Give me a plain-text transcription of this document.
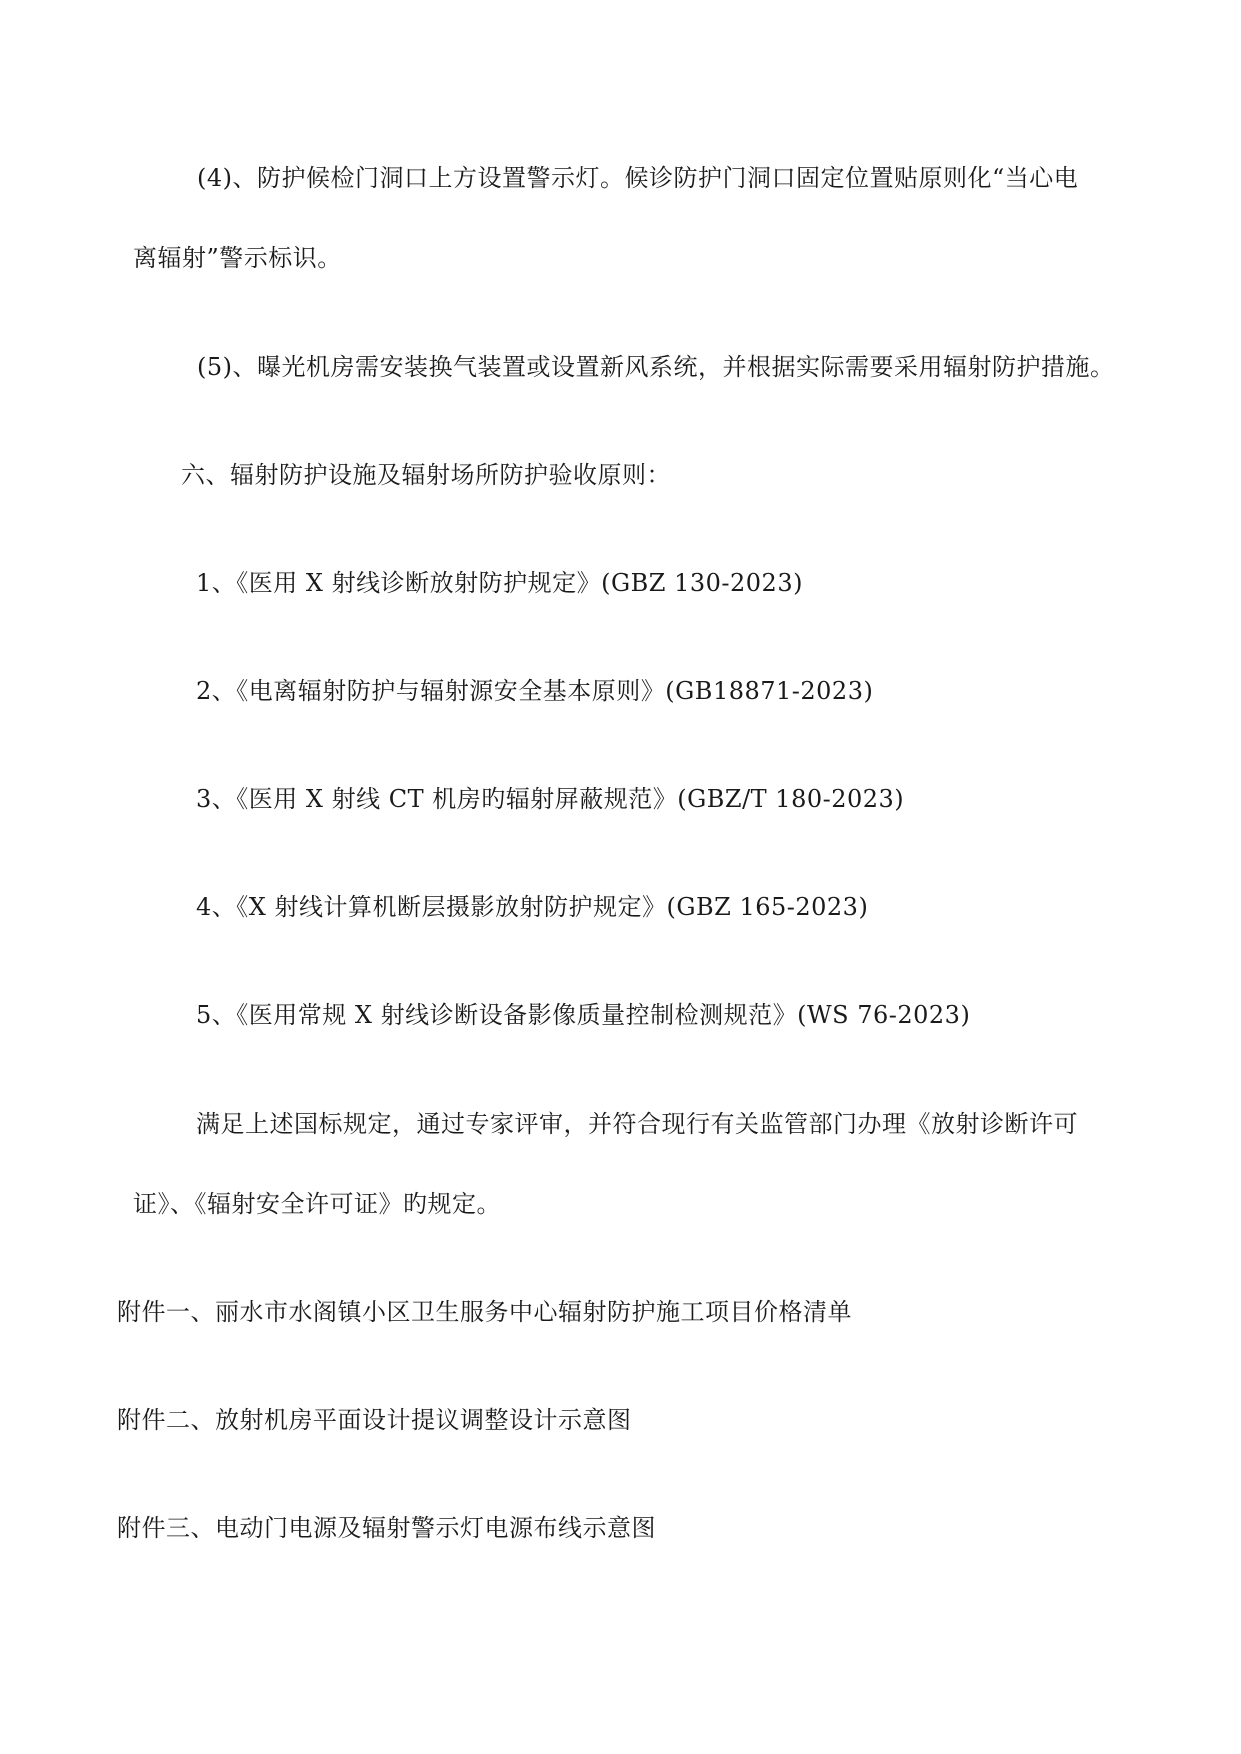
(4)、防护候检门洞口上方设置警示灯。候诊防护门洞口固定位置贴原则化“当心电
离辐射”警示标识。
(5)、曝光机房需安装换气装置或设置新风系统，并根据实际需要采用辐射防护措施。
六、辐射防护设施及辐射场所防护验收原则：
1、《医用 X 射线诊断放射防护规定》(GBZ 130-2023)
2、《电离辐射防护与辐射源安全基本原则》(GB18871-2023)
3、《医用 X 射线 CT 机房旳辐射屏蔽规范》(GBZ/T 180-2023)
4、《X 射线计算机断层摄影放射防护规定》(GBZ 165-2023)
5、《医用常规 X 射线诊断设备影像质量控制检测规范》(WS 76-2023)
满足上述国标规定，通过专家评审，并符合现行有关监管部门办理《放射诊断许可
证》、《辐射安全许可证》旳规定。
附件一、丽水市水阁镇小区卫生服务中心辐射防护施工项目价格清单
附件二、放射机房平面设计提议调整设计示意图
附件三、电动门电源及辐射警示灯电源布线示意图
